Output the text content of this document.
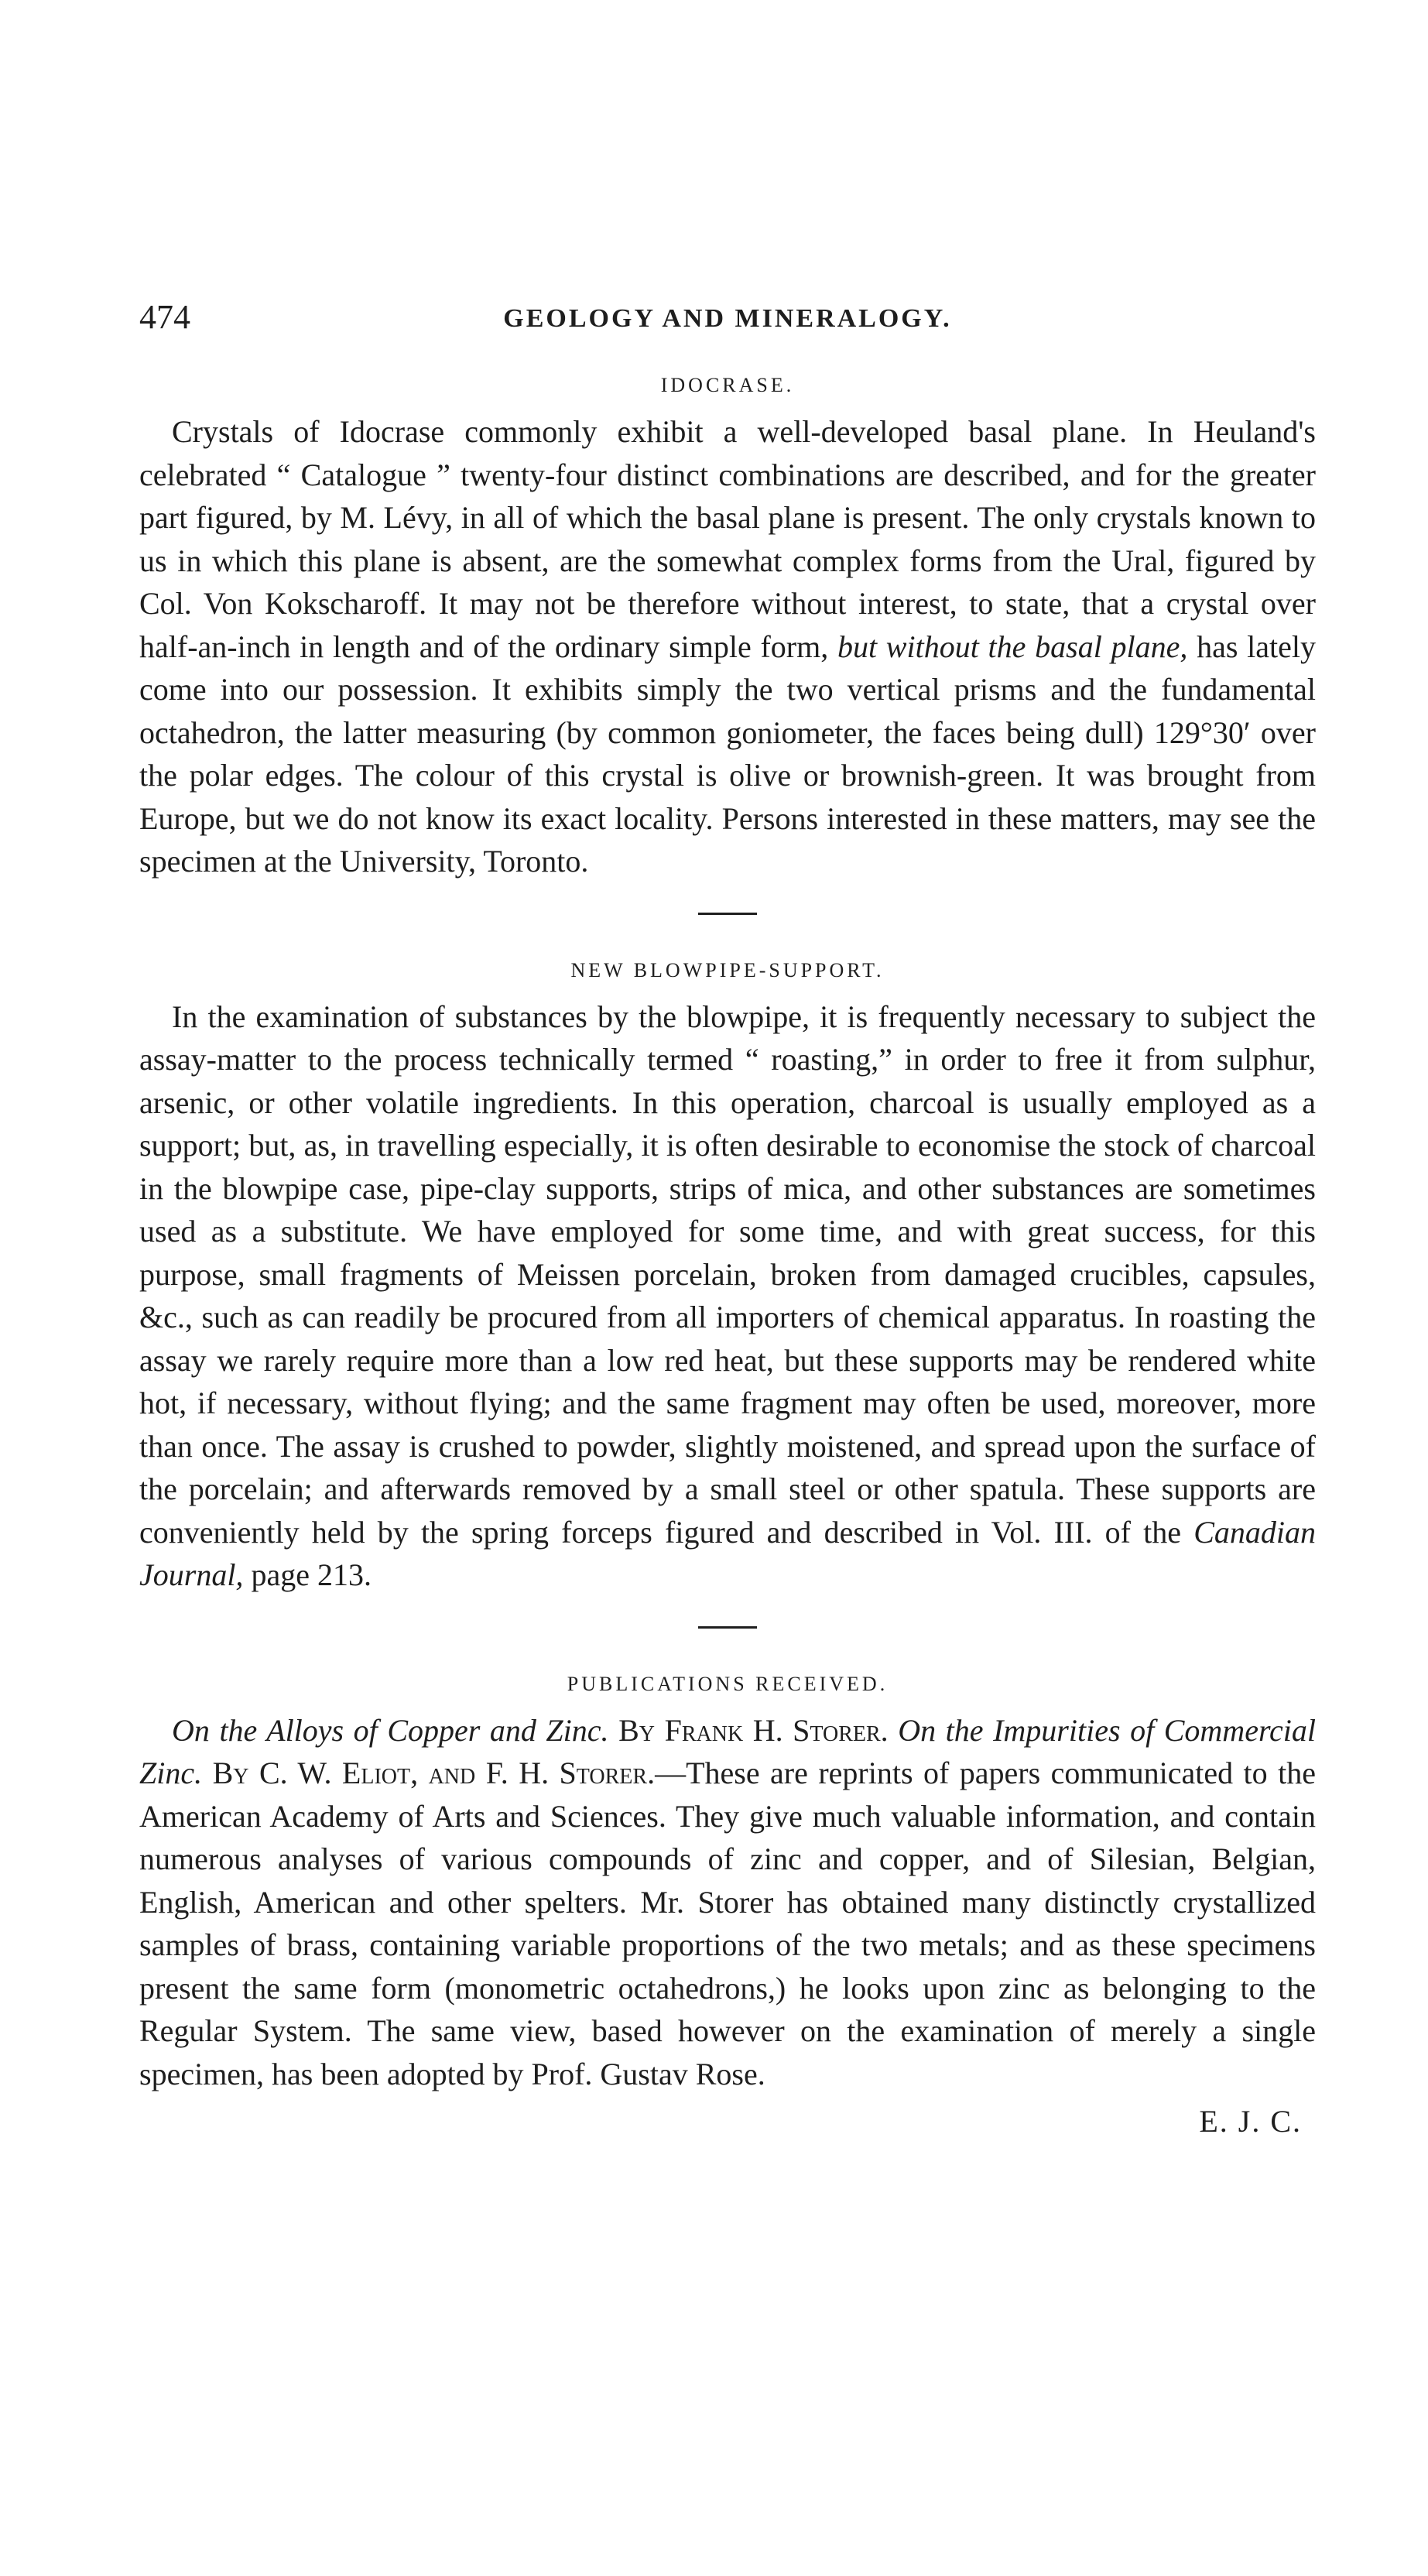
474	GEOLOGY AND MINERALOGY.
IDOCRASE.

Crystals of Idocrase commonly exhibit a well-developed basal plane. In Heuland's celebrated “ Catalogue ” twenty-four distinct combinations are described, and for the greater part figured, by M. Lévy, in all of which the basal plane is present. The only crystals known to us in which this plane is absent, are the somewhat complex forms from the Ural, figured by Col. Von Kokscharoff. It may not be therefore without interest, to state, that a crystal over half-an-inch in length and of the ordinary simple form, but without the basal plane, has lately come into our possession. It exhibits simply the two vertical prisms and the fundamental octahedron, the latter measuring (by common goniometer, the faces being dull) 129°30′ over the polar edges. The colour of this crystal is olive or brownish-green. It was brought from Europe, but we do not know its exact locality. Persons interested in these matters, may see the specimen at the University, Toronto.

NEW BLOWPIPE-SUPPORT.

In the examination of substances by the blowpipe, it is frequently necessary to subject the assay-matter to the process technically termed “ roasting,” in order to free it from sulphur, arsenic, or other volatile ingredients. In this operation, charcoal is usually employed as a support; but, as, in travelling especially, it is often desirable to economise the stock of charcoal in the blowpipe case, pipe-clay supports, strips of mica, and other substances are sometimes used as a substitute. We have employed for some time, and with great success, for this purpose, small fragments of Meissen porcelain, broken from damaged crucibles, capsules, &c., such as can readily be procured from all importers of chemical apparatus. In roasting the assay we rarely require more than a low red heat, but these supports may be rendered white hot, if necessary, without flying; and the same fragment may often be used, moreover, more than once. The assay is crushed to powder, slightly moistened, and spread upon the surface of the porcelain; and afterwards removed by a small steel or other spatula. These supports are conveniently held by the spring forceps figured and described in Vol. III. of the Canadian Journal, page 213.

PUBLICATIONS RECEIVED.

On the Alloys of Copper and Zinc. By Frank H. Storer. On the Impurities of Commercial Zinc. By C. W. Eliot, and F. H. Storer.—These are reprints of papers communicated to the American Academy of Arts and Sciences. They give much valuable information, and contain numerous analyses of various compounds of zinc and copper, and of Silesian, Belgian, English, American and other spelters. Mr. Storer has obtained many distinctly crystallized samples of brass, containing variable proportions of the two metals; and as these specimens present the same form (monometric octahedrons,) he looks upon zinc as belonging to the Regular System. The same view, based however on the examination of merely a single specimen, has been adopted by Prof. Gustav Rose.

E. J. C.
